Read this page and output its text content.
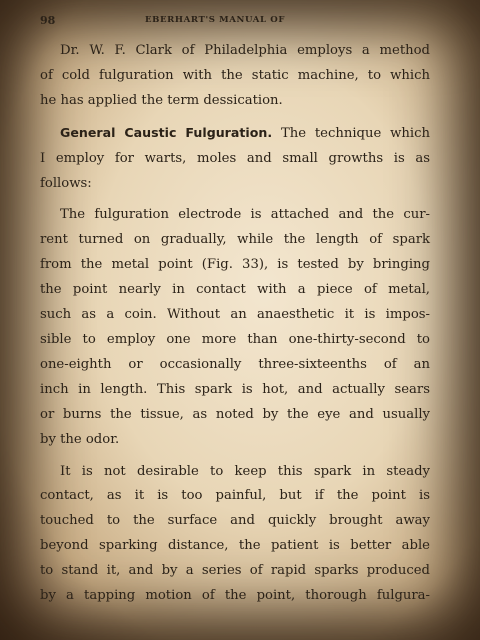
98	EBERHART'S MANUAL OF

Dr. W. F. Clark of Philadelphia employs a method
of cold fulguration with the static machine, to which
he has applied the term dessication.

General Caustic Fulguration. The technique which
I employ for warts, moles and small growths is as
follows:

The fulguration electrode is attached and the cur-
rent turned on gradually, while the length of spark
from the metal point (Fig. 33), is tested by bringing
the point nearly in contact with a piece of metal,
such as a coin. Without an anaesthetic it is impos-
sible to employ one more than one-thirty-second to
one-eighth or occasionally three-sixteenths of an
inch in length. This spark is hot, and actually sears
or burns the tissue, as noted by the eye and usually
by the odor.

It is not desirable to keep this spark in steady
contact, as it is too painful, but if the point is
touched to the surface and quickly brought away
beyond sparking distance, the patient is better able
to stand it, and by a series of rapid sparks produced
by a tapping motion of the point, thorough fulgura-
